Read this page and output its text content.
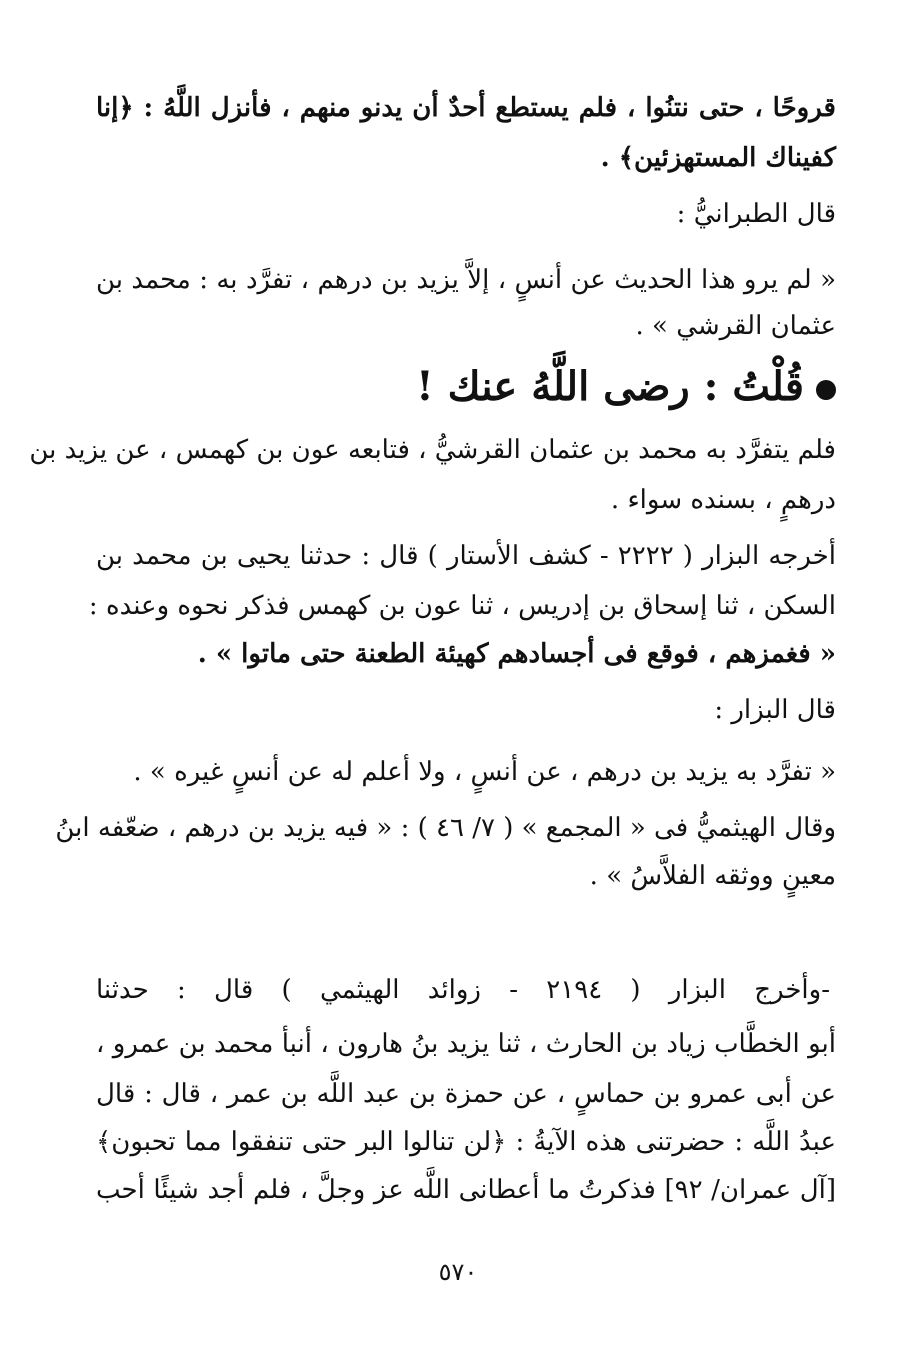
قروحًا ، حتى نتنُوا ، فلم يستطع أحدٌ أن يدنو منهم ، فأنزل اللَّهُ : ﴿إنا
كفيناك المستهزئين﴾ .
قال الطبرانيُّ :
« لم يرو هذا الحديث عن أنسٍ ، إلاَّ يزيد بن درهم ، تفرَّد به : محمد بن
عثمان القرشي » .
قُلْتُ : رضى اللَّهُ عنك !
فلم يتفرَّد به محمد بن عثمان القرشيُّ ، فتابعه عون بن كهمس ، عن يزيد بن
درهمٍ ، بسنده سواء .
أخرجه البزار ( ٢٢٢٢ - كشف الأستار ) قال : حدثنا يحيى بن محمد بن
السكن ، ثنا إسحاق بن إدريس ، ثنا عون بن كهمس فذكر نحوه وعنده :
« فغمزهم ، فوقع فى أجسادهم كهيئة الطعنة حتى ماتوا » .
قال البزار :
« تفرَّد به يزيد بن درهم ، عن أنسٍ ، ولا أعلم له عن أنسٍ غيره » .
وقال الهيثميُّ فى « المجمع » ( ٧/ ٤٦ ) : « فيه يزيد بن درهم ، ضعّفه ابنُ
معينٍ ووثقه الفلاَّسُ » .
-وأخرج البزار ( ٢١٩٤ - زوائد الهيثمي ) قال : حدثنا
أبو الخطَّاب زياد بن الحارث ، ثنا يزيد بنُ هارون ، أنبأ محمد بن عمرو ،
عن أبى عمرو بن حماسٍ ، عن حمزة بن عبد اللَّه بن عمر ، قال : قال
عبدُ اللَّه : حضرتنى هذه الآيةُ : ﴿لن تنالوا البر حتى تنفقوا مما تحبون﴾
[آل عمران/ ٩٢] فذكرتُ ما أعطانى اللَّه عز وجلَّ ، فلم أجد شيئًا أحب
٥٧٠
